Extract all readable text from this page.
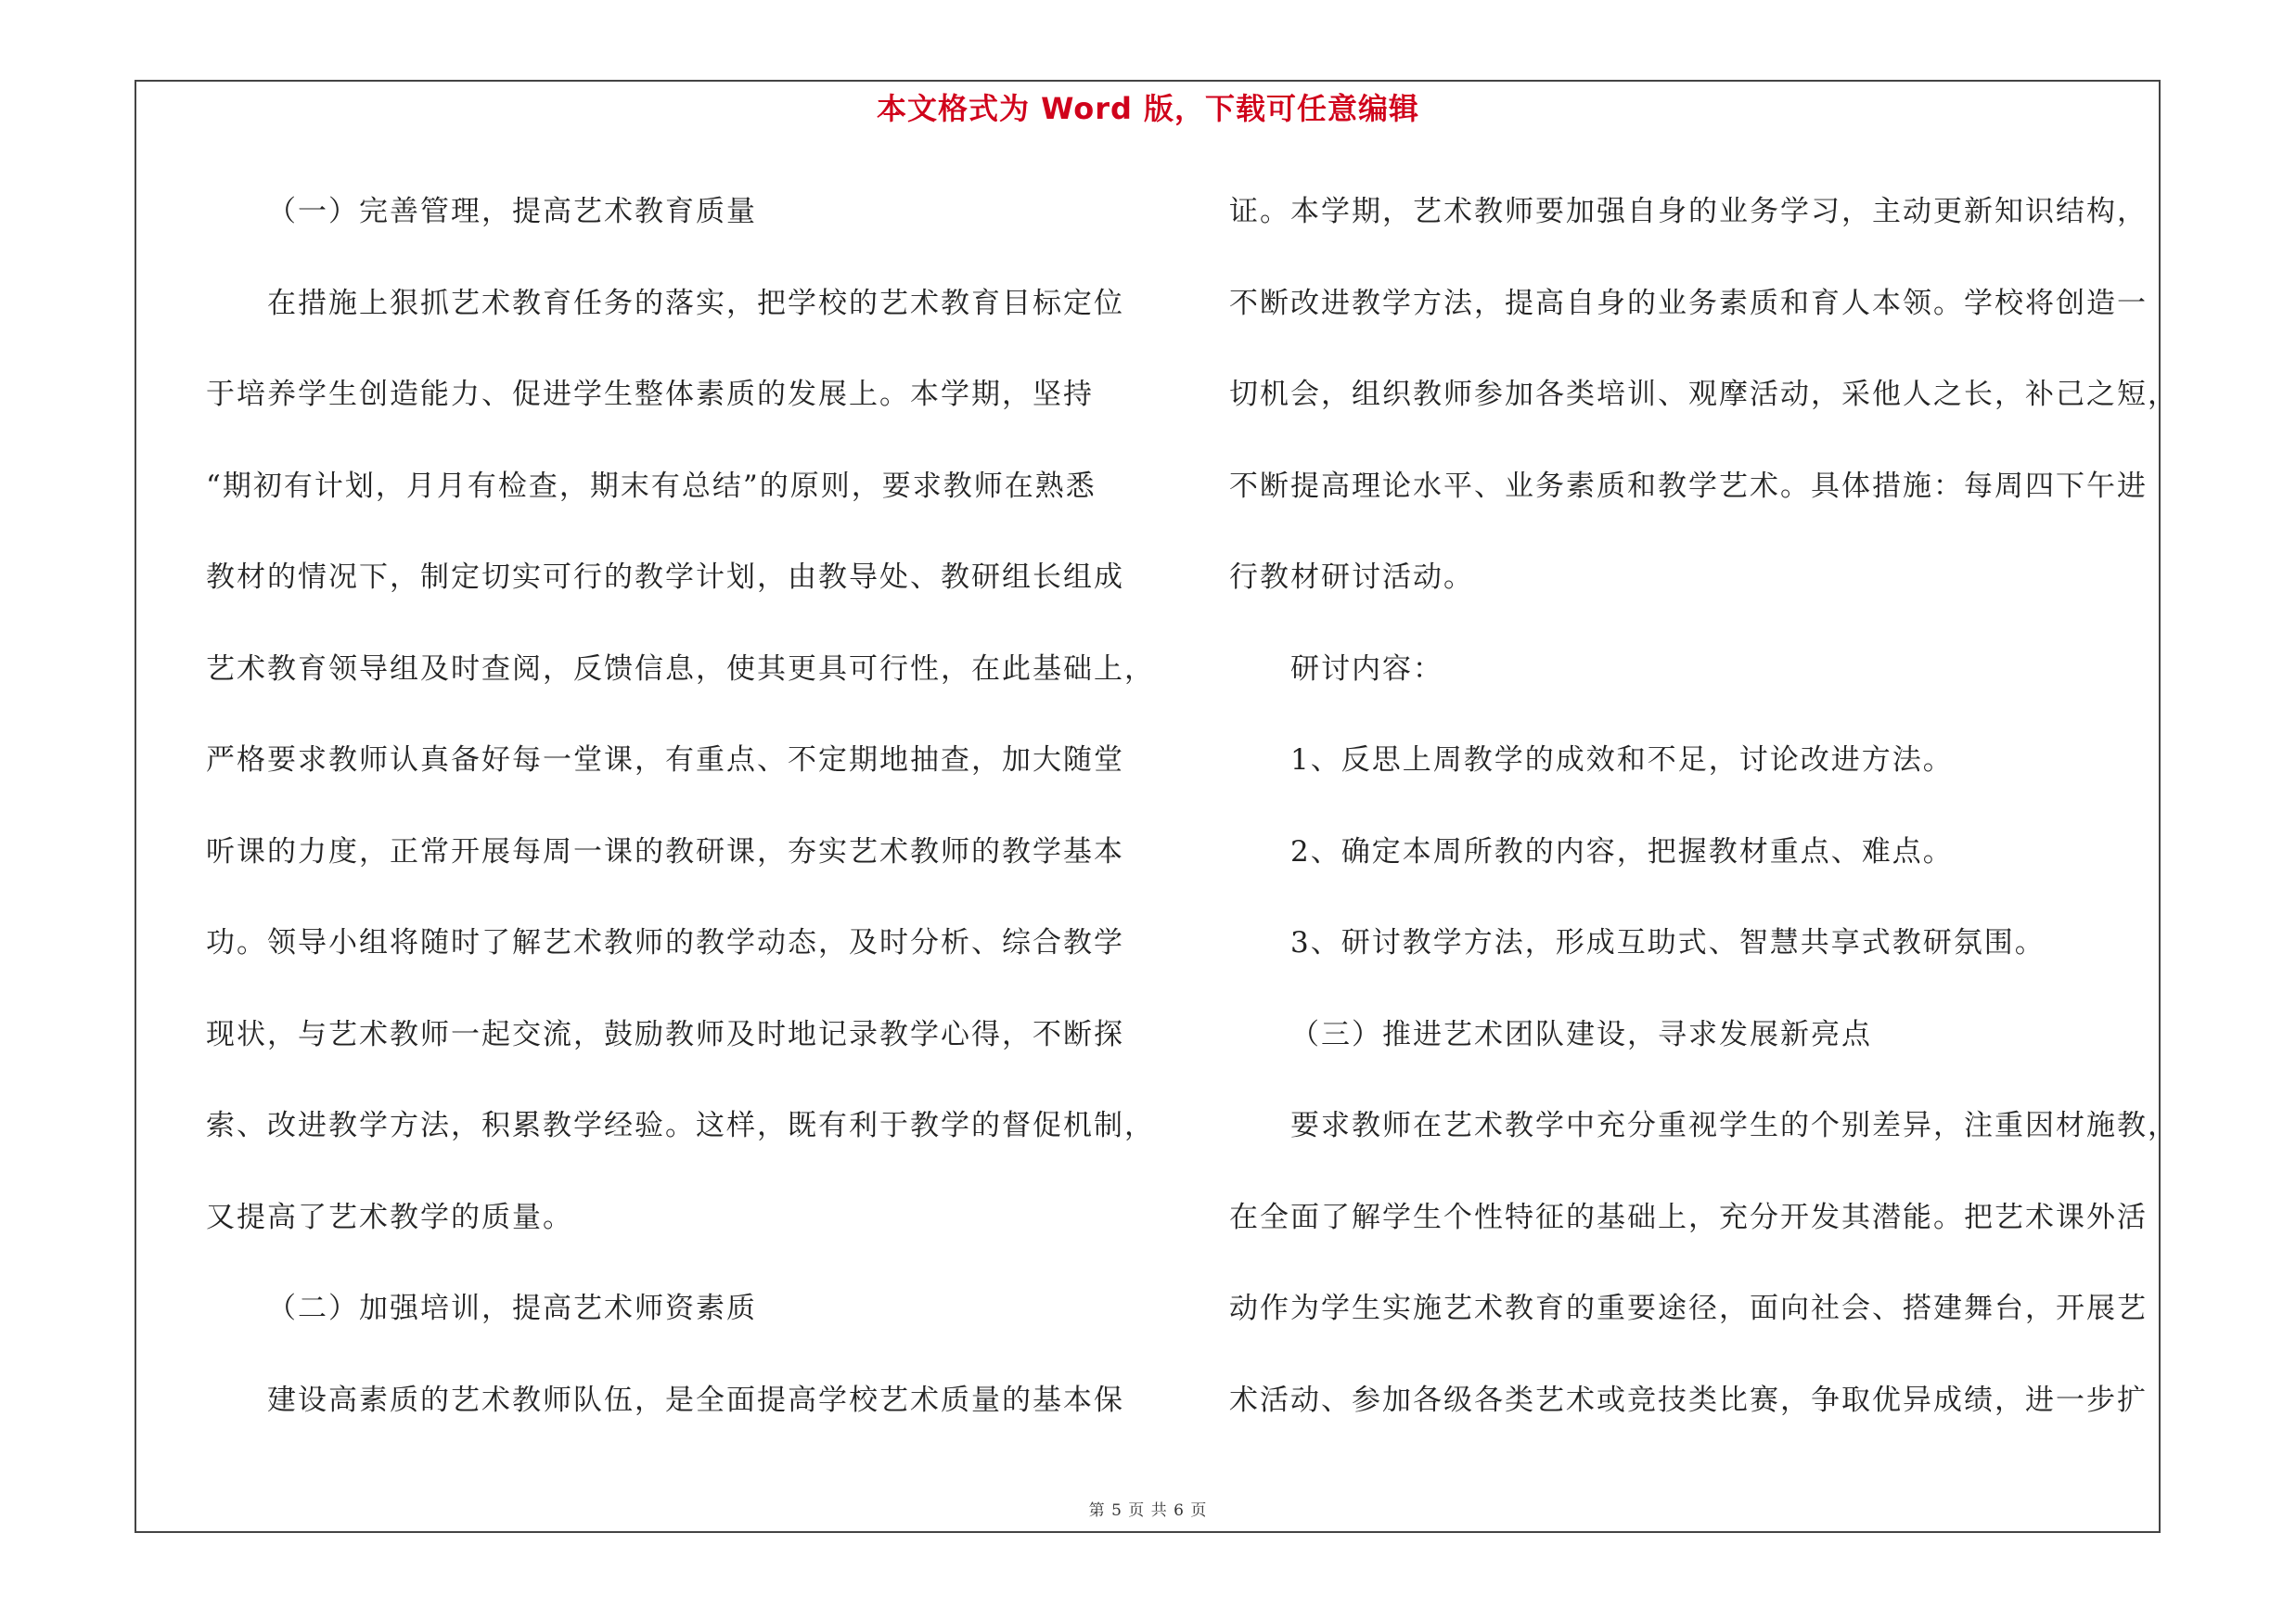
本文格式为 Word 版，下载可任意编辑

（一）完善管理，提高艺术教育质量

在措施上狠抓艺术教育任务的落实，把学校的艺术教育目标定位

于培养学生创造能力、促进学生整体素质的发展上。本学期，坚持

“期初有计划，月月有检查，期末有总结”的原则，要求教师在熟悉

教材的情况下，制定切实可行的教学计划，由教导处、教研组长组成

艺术教育领导组及时查阅，反馈信息，使其更具可行性，在此基础上，

严格要求教师认真备好每一堂课，有重点、不定期地抽查，加大随堂

听课的力度，正常开展每周一课的教研课，夯实艺术教师的教学基本

功。领导小组将随时了解艺术教师的教学动态，及时分析、综合教学

现状，与艺术教师一起交流，鼓励教师及时地记录教学心得，不断探

索、改进教学方法，积累教学经验。这样，既有利于教学的督促机制，

又提高了艺术教学的质量。

（二）加强培训，提高艺术师资素质

建设高素质的艺术教师队伍，是全面提高学校艺术质量的基本保

证。本学期，艺术教师要加强自身的业务学习，主动更新知识结构，

不断改进教学方法，提高自身的业务素质和育人本领。学校将创造一

切机会，组织教师参加各类培训、观摩活动，采他人之长，补己之短，

不断提高理论水平、业务素质和教学艺术。具体措施：每周四下午进

行教材研讨活动。

研讨内容：

1、反思上周教学的成效和不足，讨论改进方法。

2、确定本周所教的内容，把握教材重点、难点。

3、研讨教学方法，形成互助式、智慧共享式教研氛围。

（三）推进艺术团队建设，寻求发展新亮点

要求教师在艺术教学中充分重视学生的个别差异，注重因材施教，

在全面了解学生个性特征的基础上，充分开发其潜能。把艺术课外活

动作为学生实施艺术教育的重要途径，面向社会、搭建舞台，开展艺

术活动、参加各级各类艺术或竞技类比赛，争取优异成绩，进一步扩

第 5 页 共 6 页
